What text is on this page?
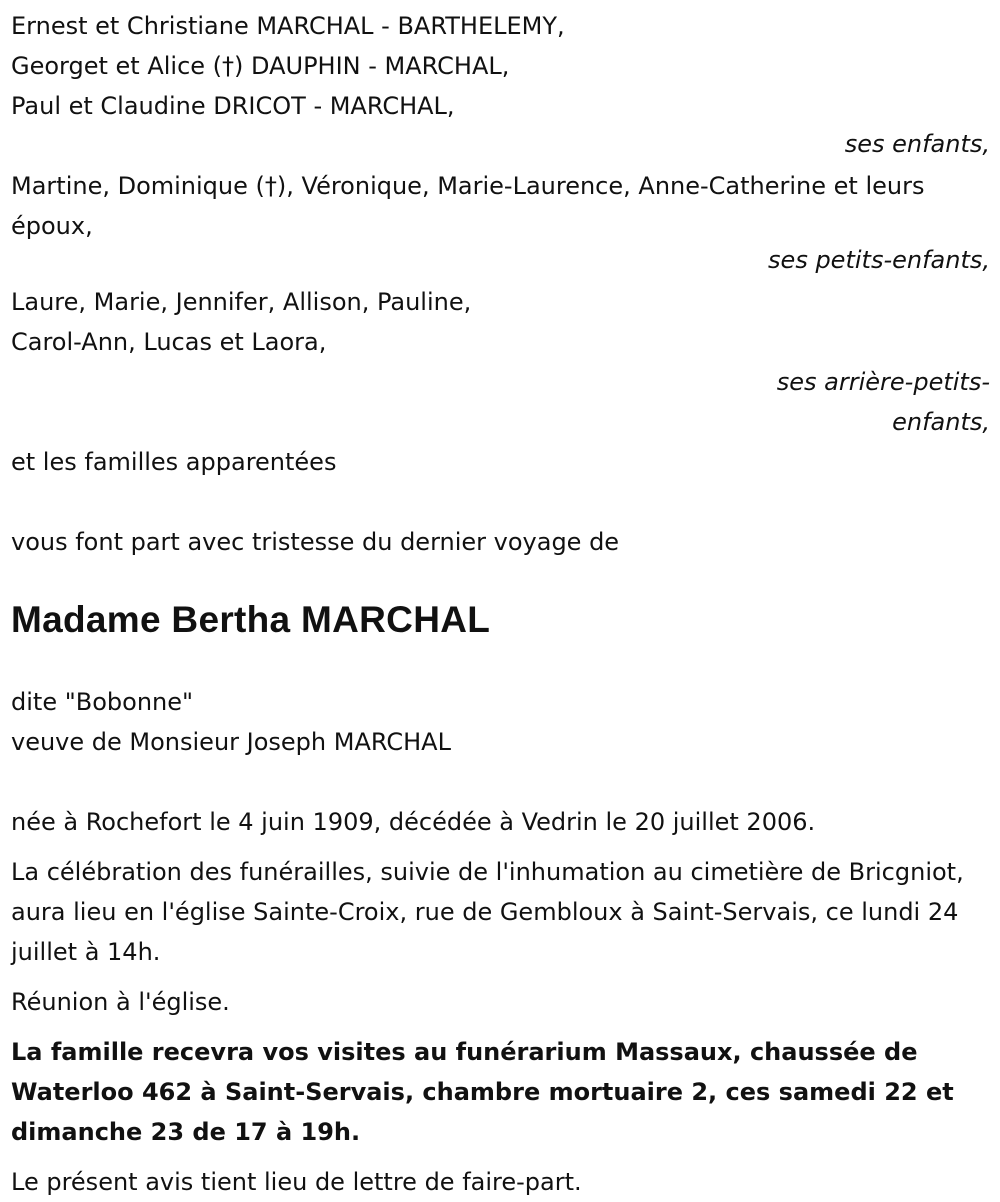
Ernest et Christiane MARCHAL - BARTHELEMY,
Georget et Alice (†) DAUPHIN - MARCHAL,
Paul et Claudine DRICOT - MARCHAL,
ses enfants,
Martine, Dominique (†), Véronique, Marie-Laurence, Anne-Catherine et leurs époux,
ses petits-enfants,
Laure, Marie, Jennifer, Allison, Pauline,
Carol-Ann, Lucas et Laora,
ses arrière-petits-
enfants,
et les familles apparentées
vous font part avec tristesse du dernier voyage de
Madame Bertha MARCHAL
dite "Bobonne"
veuve de Monsieur Joseph MARCHAL
née à Rochefort le 4 juin 1909, décédée à Vedrin le 20 juillet 2006.
La célébration des funérailles, suivie de l'inhumation au cimetière de Bricgniot, aura lieu en l'église Sainte-Croix, rue de Gembloux à Saint-Servais, ce lundi 24 juillet à 14h.
Réunion à l'église.
La famille recevra vos visites au funérarium Massaux, chaussée de Waterloo 462 à Saint-Servais, chambre mortuaire 2, ces samedi 22 et dimanche 23 de 17 à 19h.
Le présent avis tient lieu de lettre de faire-part.
